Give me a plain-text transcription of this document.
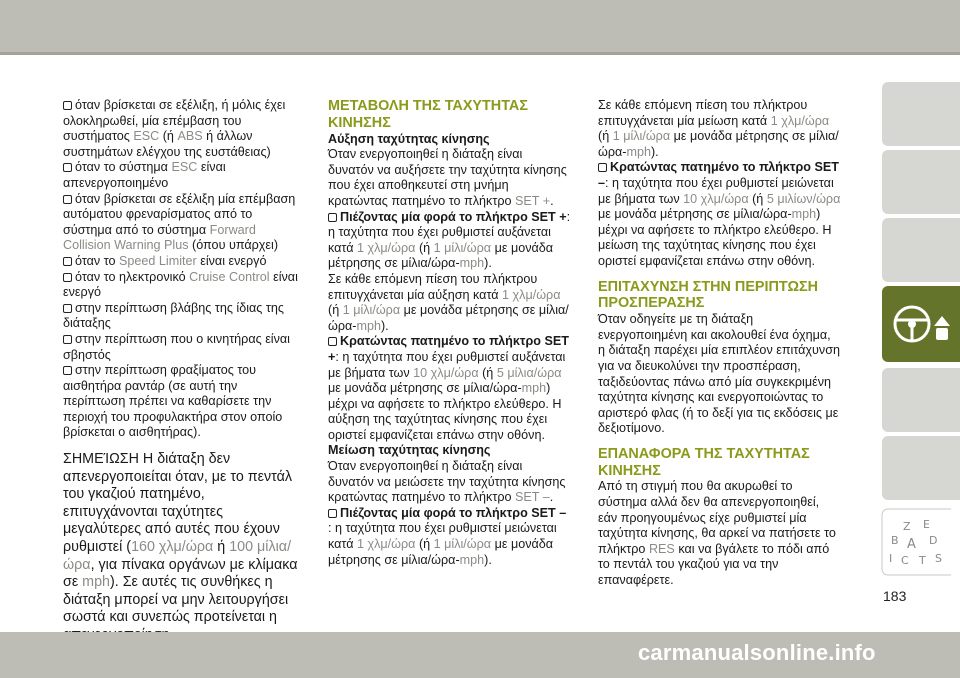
όταν βρίσκεται σε εξέλιξη, ή μόλις έχει ολοκληρωθεί, μία επέμβαση του συστήματος ESC (ή ABS ή άλλων συστημάτων ελέγχου της ευστάθειας)

όταν το σύστημα ESC είναι απενεργοποιημένο

όταν βρίσκεται σε εξέλιξη μία επέμβαση αυτόματου φρεναρίσματος από το σύστημα από το σύστημα Forward Collision Warning Plus (όπου υπάρχει)

όταν το Speed Limiter είναι ενεργό

όταν το ηλεκτρονικό Cruise Control είναι ενεργό

στην περίπτωση βλάβης της ίδιας της διάταξης

στην περίπτωση που ο κινητήρας είναι σβηστός

στην περίπτωση φραξίματος του αισθητήρα ραντάρ (σε αυτή την περίπτωση πρέπει να καθαρίσετε την περιοχή του προφυλακτήρα στον οποίο βρίσκεται ο αισθητήρας).

ΣΗΜΕΊΩΣΗ Η διάταξη δεν απενεργοποιείται όταν, με το πεντάλ του γκαζιού πατημένο, επιτυγχάνονται ταχύτητες μεγαλύτερες από αυτές που έχουν ρυθμιστεί (160 χλμ/ώρα ή 100 μίλια/ώρα, για πίνακα οργάνων με κλίμακα σε mph). Σε αυτές τις συνθήκες η διάταξη μπορεί να μην λειτουργήσει σωστά και συνεπώς προτείνεται η

ΜΕΤΑΒΟΛΗ ΤΗΣ ΤΑΧΥΤΗΤΑΣ ΚΙΝΗΣΗΣ

Αύξηση ταχύτητας κίνησης

Όταν ενεργοποιηθεί η διάταξη είναι δυνατόν να αυξήσετε την ταχύτητα κίνησης που έχει αποθηκευτεί στη μνήμη κρατώντας πατημένο το πλήκτρο SET +.

Πιέζοντας μία φορά το πλήκτρο SET +: η ταχύτητα που έχει ρυθμιστεί αυξάνεται κατά 1 χλμ/ώρα (ή 1 μίλι/ώρα με μονάδα μέτρησης σε μίλια/ώρα-mph).

Σε κάθε επόμενη πίεση του πλήκτρου επιτυγχάνεται μία αύξηση κατά 1 χλμ/ώρα (ή 1 μίλι/ώρα με μονάδα μέτρησης σε μίλια/ώρα-mph).

Κρατώντας πατημένο το πλήκτρο SET +: η ταχύτητα που έχει ρυθμιστεί αυξάνεται με βήματα των 10 χλμ/ώρα (ή 5 μίλια/ώρα με μονάδα μέτρησης σε μίλια/ώρα-mph) μέχρι να αφήσετε το πλήκτρο ελεύθερο. Η αύξηση της ταχύτητας κίνησης που έχει οριστεί εμφανίζεται επάνω στην οθόνη.

Μείωση ταχύτητας κίνησης

Όταν ενεργοποιηθεί η διάταξη είναι δυνατόν να μειώσετε την ταχύτητα κίνησης κρατώντας πατημένο το πλήκτρο SET –.

Πιέζοντας μία φορά το πλήκτρο SET – : η ταχύτητα που έχει ρυθμιστεί μειώνεται κατά 1 χλμ/ώρα (ή 1 μίλι/ώρα με μονάδα μέτρησης σε μίλια/ώρα-mph).

Σε κάθε επόμενη πίεση του πλήκτρου επιτυγχάνεται μία μείωση κατά 1 χλμ/ώρα (ή 1 μίλι/ώρα με μονάδα μέτρησης σε μίλια/ώρα-mph).

Κρατώντας πατημένο το πλήκτρο SET –: η ταχύτητα που έχει ρυθμιστεί μειώνεται με βήματα των 10 χλμ/ώρα (ή 5 μιλίων/ώρα με μονάδα μέτρησης σε μίλια/ώρα-mph) μέχρι να αφήσετε το πλήκτρο ελεύθερο. Η μείωση της ταχύτητας κίνησης που έχει οριστεί εμφανίζεται επάνω στην οθόνη.

ΕΠΙΤΑΧΥΝΣΗ ΣΤΗΝ ΠΕΡΙΠΤΩΣΗ ΠΡΟΣΠΕΡΑΣΗΣ

Όταν οδηγείτε με τη διάταξη ενεργοποιημένη και ακολουθεί ένα όχημα, η διάταξη παρέχει μία επιπλέον επιτάχυνση για να διευκολύνει την προσπέραση, ταξιδεύοντας πάνω από μία συγκεκριμένη ταχύτητα κίνησης και ενεργοποιώντας το αριστερό φλας (ή το δεξί για τις εκδόσεις με δεξιοτίμονο.

ΕΠΑΝΑΦΟΡΑ ΤΗΣ ΤΑΧΥΤΗΤΑΣ ΚΙΝΗΣΗΣ

Από τη στιγμή που θα ακυρωθεί το σύστημα αλλά δεν θα απενεργοποιηθεί, εάν προηγουμένως είχε ρυθμιστεί μία ταχύτητα κίνησης, θα αρκεί να πατήσετε το πλήκτρο RES και να βγάλετε το πόδι από το πεντάλ του γκαζιού για να την επαναφέρετε.

Z E
B	D
A
I C T S
183
carmanualsonline.info
